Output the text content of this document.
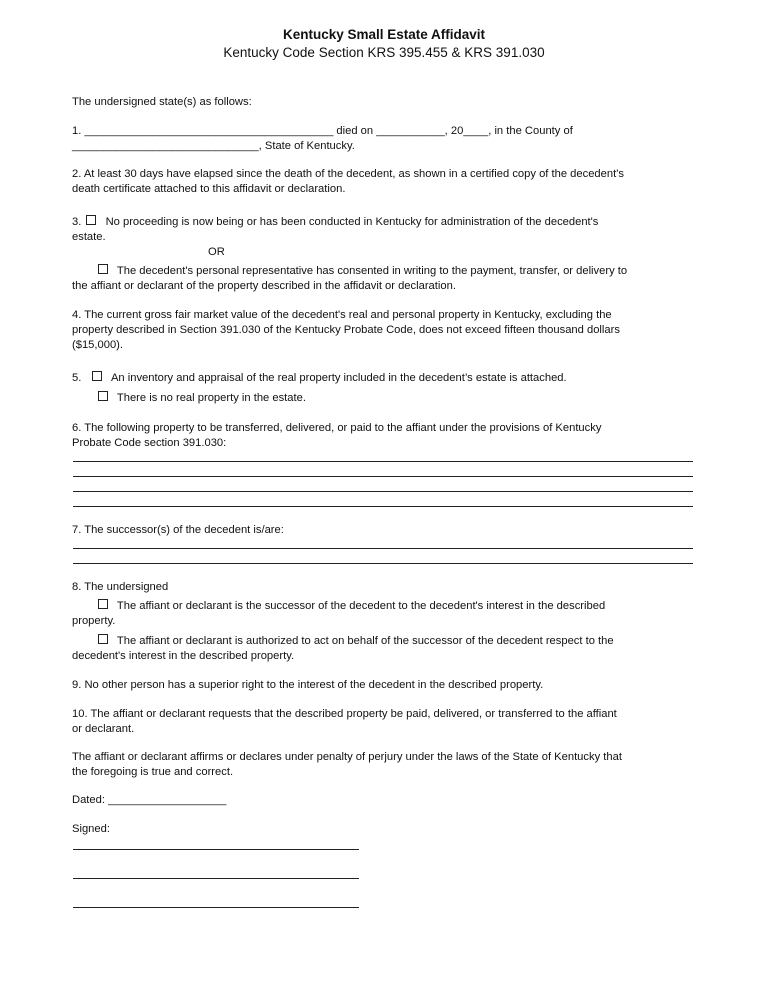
Kentucky Small Estate Affidavit
Kentucky Code Section KRS 395.455 & KRS 391.030
The undersigned state(s) as follows:
1. ________________________________________ died on ___________, 20____, in the County of
______________________________, State of Kentucky.
2. At least 30 days have elapsed since the death of the decedent, as shown in a certified copy of the decedent's
death certificate attached to this affidavit or declaration.
3. No proceeding is now being or has been conducted in Kentucky for administration of the decedent's
estate.
OR
The decedent's personal representative has consented in writing to the payment, transfer, or delivery to
the affiant or declarant of the property described in the affidavit or declaration.
4. The current gross fair market value of the decedent's real and personal property in Kentucky, excluding the
property described in Section 391.030 of the Kentucky Probate Code, does not exceed fifteen thousand dollars
($15,000).
5.	An inventory and appraisal of the real property included in the decedent’s estate is attached.
There is no real property in the estate.
6. The following property to be transferred, delivered, or paid to the affiant under the provisions of Kentucky
Probate Code section 391.030:
7. The successor(s) of the decedent is/are:
8. The undersigned
The affiant or declarant is the successor of the decedent to the decedent's interest in the described
property.
The affiant or declarant is authorized to act on behalf of the successor of the decedent respect to the
decedent's interest in the described property.
9. No other person has a superior right to the interest of the decedent in the described property.
10. The affiant or declarant requests that the described property be paid, delivered, or transferred to the affiant
or declarant.
The affiant or declarant affirms or declares under penalty of perjury under the laws of the State of Kentucky that
the foregoing is true and correct.
Dated: ___________________
Signed:
